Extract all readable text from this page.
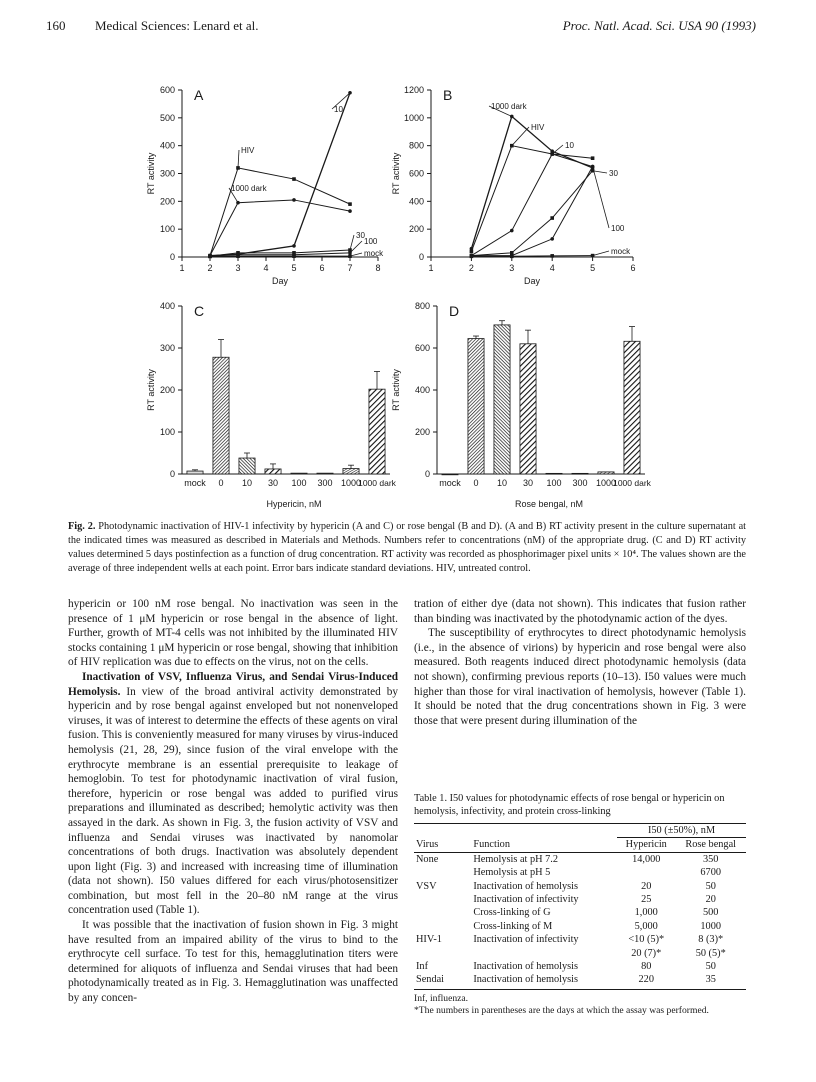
160 Medical Sciences: Lenard et al.	Proc. Natl. Acad. Sci. USA 90 (1993)
A
0
100
200
300
400
500
600
1	2	3	4	5	6	7	8
Day
RT activity
10
HIV
1000 dark
30
100
mock
B
0
200
400
600
800
1000
1200
1	2	3	4	5	6
Day
RT activity
1000 dark
HIV
10
30
100
mock
C
0
100
200
300
400
mock 0 10 30 100 300 1000
1000 dark
Hypericin, nM
RT activity
D
0
200
400
600
800
mock 0 10 30 100 300 1000
1000 dark
Rose bengal, nM
RT activity
Fig. 2. Photodynamic inactivation of HIV-1 infectivity by hypericin (A and C) or rose bengal (B and D). (A and B) RT activity present in the culture supernatant at the indicated times was measured as described in Materials and Methods. Numbers refer to concentrations (nM) of the appropriate drug. (C and D) RT activity values determined 5 days postinfection as a function of drug concentration. RT activity was recorded as phosphorimager pixel units × 10⁴. The values shown are the average of three independent wells at each point. Error bars indicate standard deviations. HIV, untreated control.

hypericin or 100 nM rose bengal. No inactivation was seen in the presence of 1 μM hypericin or rose bengal in the absence of light. Further, growth of MT-4 cells was not inhibited by the illuminated HIV stocks containing 1 μM hypericin or rose bengal, showing that inhibition of HIV replication was due to effects on the virus, not on the cells.

Inactivation of VSV, Influenza Virus, and Sendai Virus-Induced Hemolysis. In view of the broad antiviral activity demonstrated by hypericin and by rose bengal against enveloped but not nonenveloped viruses, it was of interest to determine the effects of these agents on viral fusion. This is conveniently measured for many viruses by virus-induced hemolysis (21, 28, 29), since fusion of the viral envelope with the erythrocyte membrane is an essential prerequisite to leakage of hemoglobin. To test for photodynamic inactivation of viral fusion, therefore, hypericin or rose bengal was added to purified virus preparations and illuminated as described; hemolytic activity was then assayed in the dark. As shown in Fig. 3, the fusion activity of VSV and influenza and Sendai viruses was inactivated by nanomolar concentrations of both drugs. Inactivation was absolutely dependent upon light (Fig. 3) and increased with increasing time of illumination (data not shown). I50 values differed for each virus/photosensitizer combination, but most fell in the 20–80 nM range at the virus concentration used (Table 1).

It was possible that the inactivation of fusion shown in Fig. 3 might have resulted from an impaired ability of the virus to bind to the erythrocyte cell surface. To test for this, hemagglutination titers were determined for aliquots of influenza and Sendai viruses that had been photodynamically treated as in Fig. 3. Hemagglutination was unaffected by any concen-

tration of either dye (data not shown). This indicates that fusion rather than binding was inactivated by the photodynamic action of the dyes.

The susceptibility of erythrocytes to direct photodynamic hemolysis (i.e., in the absence of virions) by hypericin and rose bengal were also measured. Both reagents induced direct photodynamic hemolysis (data not shown), confirming previous reports (10–13). I50 values were much higher than those for viral inactivation of hemolysis, however (Table 1). It should be noted that the drug concentrations shown in Fig. 3 were those that were present during illumination of the

Table 1. I50 values for photodynamic effects of rose bengal or hypericin on hemolysis, infectivity, and protein cross-linking
		I50 (±50%), nM	
Virus	Function	Hypericin	Rose bengal
None	Hemolysis at pH 7.2	14,000	350
	Hemolysis at pH 5		6700
VSV	Inactivation of hemolysis	20	50
	Inactivation of infectivity	25	20
	Cross-linking of G	1,000	500
	Cross-linking of M	5,000	1000
HIV-1	Inactivation of infectivity	<10 (5)*	8 (3)*
		20 (7)*	50 (5)*
Inf	Inactivation of hemolysis	80	50
Sendai	Inactivation of hemolysis	220	35
Inf, influenza.
*The numbers in parentheses are the days at which the assay was performed.
